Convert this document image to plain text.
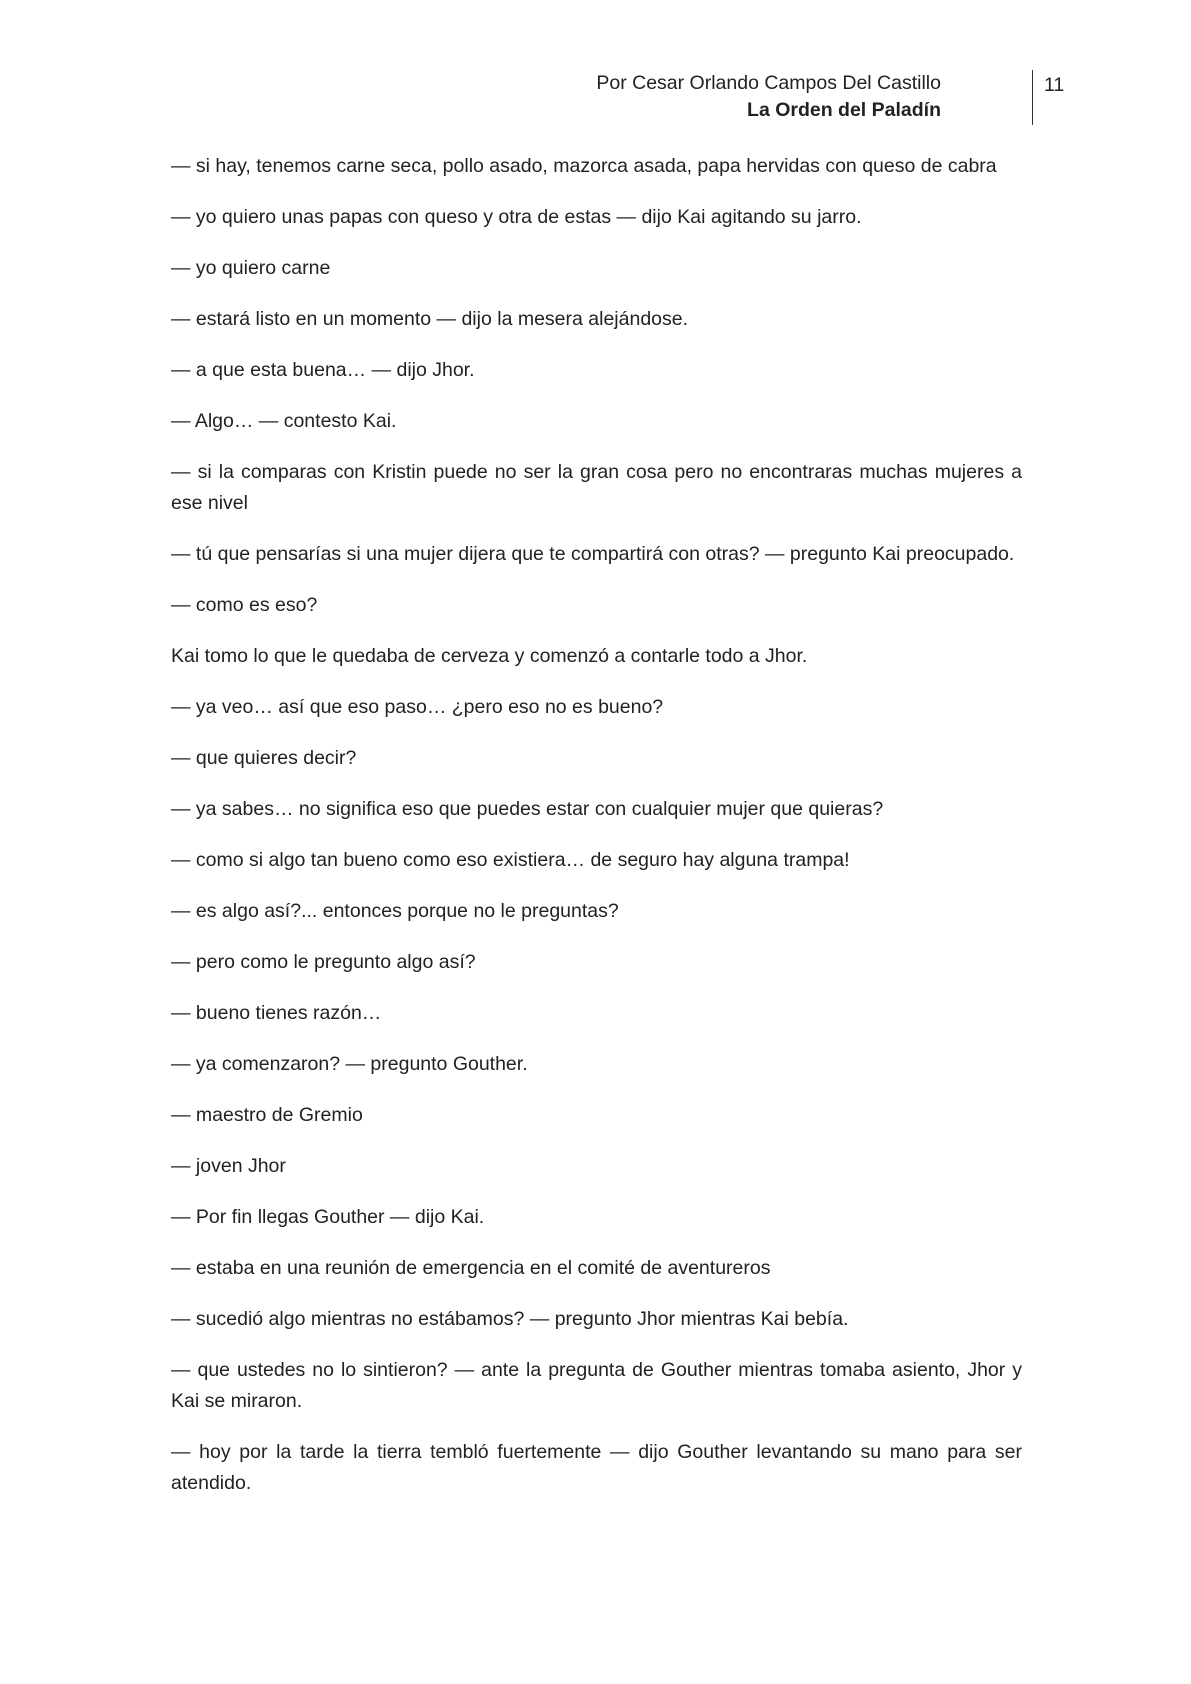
Por Cesar Orlando Campos Del Castillo
La Orden del Paladín
11

— si hay, tenemos carne seca, pollo asado, mazorca asada, papa hervidas con queso de cabra

— yo quiero unas papas con queso y otra de estas — dijo Kai agitando su jarro.

— yo quiero carne

— estará listo en un momento — dijo la mesera alejándose.

— a que esta buena… — dijo Jhor.

— Algo… — contesto Kai.

— si la comparas con Kristin puede no ser la gran cosa pero no encontraras muchas mujeres a ese nivel

— tú que pensarías si una mujer dijera que te compartirá con otras? — pregunto Kai preocupado.

— como es eso?

Kai tomo lo que le quedaba de cerveza y comenzó a contarle todo a Jhor.

— ya veo… así que eso paso… ¿pero eso no es bueno?

— que quieres decir?

— ya sabes… no significa eso que puedes estar con cualquier mujer que quieras?

— como si algo tan bueno como eso existiera… de seguro hay alguna trampa!

— es algo así?... entonces porque no le preguntas?

— pero como le pregunto algo así?

— bueno tienes razón…

— ya comenzaron? — pregunto Gouther.

— maestro de Gremio

— joven Jhor

— Por fin llegas Gouther — dijo Kai.

— estaba en una reunión de emergencia en el comité de aventureros

— sucedió algo mientras no estábamos? — pregunto Jhor mientras Kai bebía.

— que ustedes no lo sintieron? — ante la pregunta de Gouther mientras tomaba asiento, Jhor y Kai se miraron.

— hoy por la tarde la tierra tembló fuertemente — dijo Gouther levantando su mano para ser atendido.
